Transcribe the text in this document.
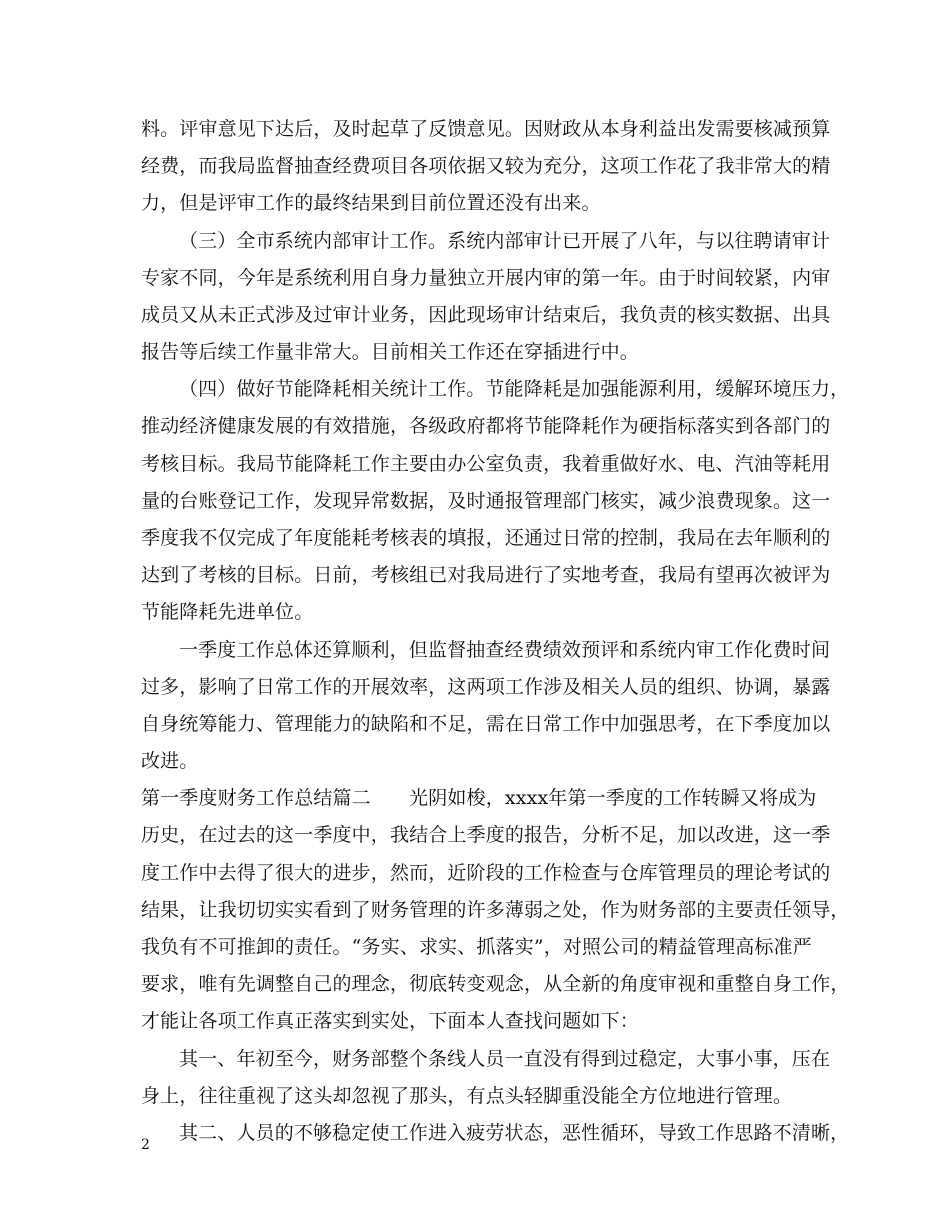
料。评审意见下达后，及时起草了反馈意见。因财政从本身利益出发需要核减预算
经费，而我局监督抽查经费项目各项依据又较为充分，这项工作花了我非常大的精
力，但是评审工作的最终结果到目前位置还没有出来。
（三）全市系统内部审计工作。系统内部审计已开展了八年，与以往聘请审计
专家不同，今年是系统利用自身力量独立开展内审的第一年。由于时间较紧，内审
成员又从未正式涉及过审计业务，因此现场审计结束后，我负责的核实数据、出具
报告等后续工作量非常大。目前相关工作还在穿插进行中。
（四）做好节能降耗相关统计工作。节能降耗是加强能源利用，缓解环境压力，
推动经济健康发展的有效措施，各级政府都将节能降耗作为硬指标落实到各部门的
考核目标。我局节能降耗工作主要由办公室负责，我着重做好水、电、汽油等耗用
量的台账登记工作，发现异常数据，及时通报管理部门核实，减少浪费现象。这一
季度我不仅完成了年度能耗考核表的填报，还通过日常的控制，我局在去年顺利的
达到了考核的目标。日前，考核组已对我局进行了实地考查，我局有望再次被评为
节能降耗先进单位。
一季度工作总体还算顺利，但监督抽查经费绩效预评和系统内审工作化费时间
过多，影响了日常工作的开展效率，这两项工作涉及相关人员的组织、协调，暴露
自身统筹能力、管理能力的缺陷和不足，需在日常工作中加强思考，在下季度加以
改进。
第一季度财务工作总结篇二　　光阴如梭，xxxx年第一季度的工作转瞬又将成为
历史，在过去的这一季度中，我结合上季度的报告，分析不足，加以改进，这一季
度工作中去得了很大的进步，然而，近阶段的工作检查与仓库管理员的理论考试的
结果，让我切切实实看到了财务管理的许多薄弱之处，作为财务部的主要责任领导，
我负有不可推卸的责任。“务实、求实、抓落实”，对照公司的精益管理高标准严
要求，唯有先调整自己的理念，彻底转变观念，从全新的角度审视和重整自身工作，
才能让各项工作真正落实到实处，下面本人查找问题如下：
其一、年初至今，财务部整个条线人员一直没有得到过稳定，大事小事，压在
身上，往往重视了这头却忽视了那头，有点头轻脚重没能全方位地进行管理。
其二、人员的不够稳定使工作进入疲劳状态，恶性循环，导致工作思路不清晰，
2
